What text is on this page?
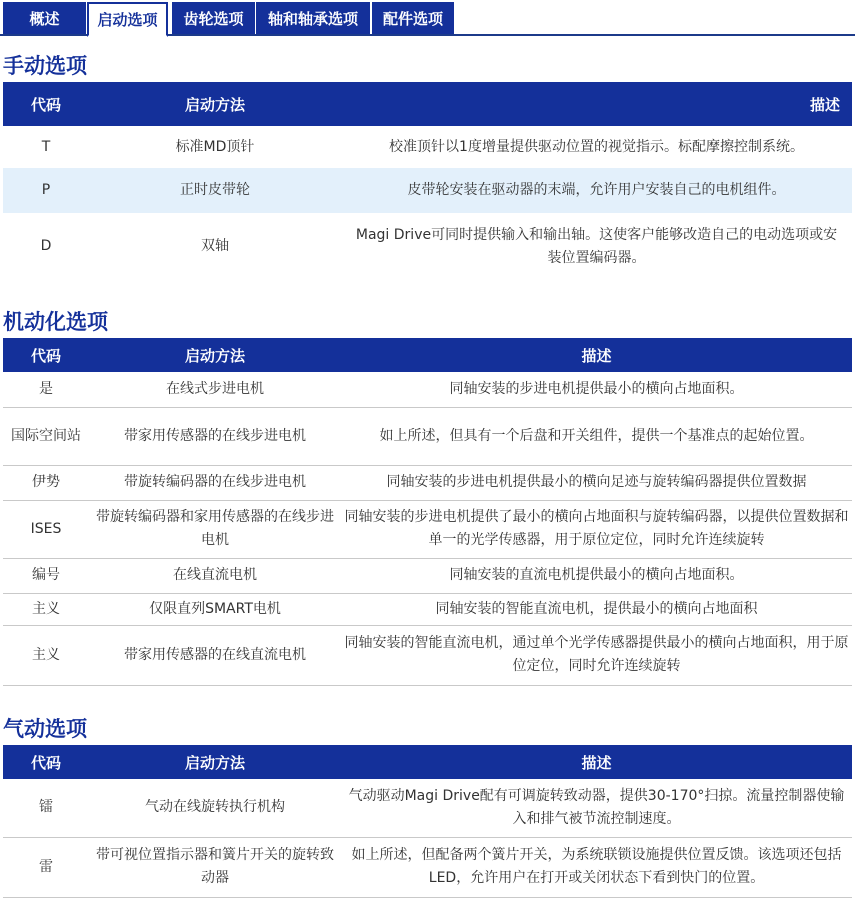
概述	启动选项	齿轮选项	轴和轴承选项	配件选项
手动选项
代码	启动方法	描述
T	标准MD顶针	校准顶针以1度增量提供驱动位置的视觉指示。标配摩擦控制系统。
P	正时皮带轮	皮带轮安装在驱动器的末端，允许用户安装自己的电机组件。
D	双轴	Magi Drive可同时提供输入和输出轴。这使客户能够改造自己的电动选项或安装位置编码器。
机动化选项
代码	启动方法	描述
是	在线式步进电机	同轴安装的步进电机提供最小的横向占地面积。
国际空间站	带家用传感器的在线步进电机	如上所述，但具有一个后盘和开关组件，提供一个基准点的起始位置。
伊势	带旋转编码器的在线步进电机	同轴安装的步进电机提供最小的横向足迹与旋转编码器提供位置数据
ISES	带旋转编码器和家用传感器的在线步进电机	同轴安装的步进电机提供了最小的横向占地面积与旋转编码器，以提供位置数据和单一的光学传感器，用于原位定位，同时允许连续旋转
编号	在线直流电机	同轴安装的直流电机提供最小的横向占地面积。
主义	仅限直列SMART电机	同轴安装的智能直流电机，提供最小的横向占地面积
主义	带家用传感器的在线直流电机	同轴安装的智能直流电机，通过单个光学传感器提供最小的横向占地面积，用于原位定位，同时允许连续旋转
气动选项
代码	启动方法	描述
镭	气动在线旋转执行机构	气动驱动Magi Drive配有可调旋转致动器，提供30-170°扫掠。流量控制器使输入和排气被节流控制速度。
雷	带可视位置指示器和簧片开关的旋转致动器	如上所述，但配备两个簧片开关，为系统联锁设施提供位置反馈。该选项还包括LED，允许用户在打开或关闭状态下看到快门的位置。
